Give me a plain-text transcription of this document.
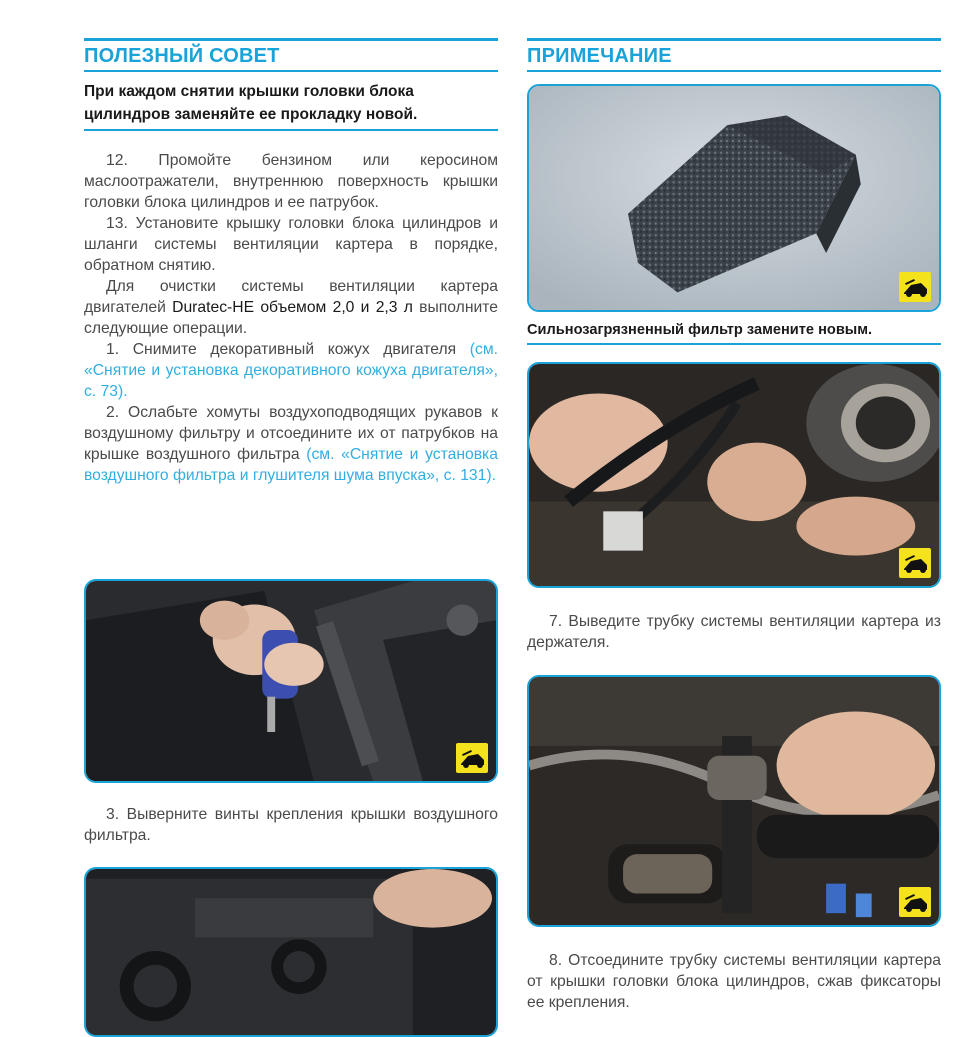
ПОЛЕЗНЫЙ СОВЕТ
При каждом снятии крышки головки блока цилиндров заменяйте ее прокладку новой.

12. Промойте бензином или керосином маслоотражатели, внутреннюю поверхность крышки головки блока цилиндров и ее патрубок.

13. Установите крышку головки блока цилиндров и шланги системы вентиляции картера в порядке, обратном снятию.

Для очистки системы вентиляции картера двигателей Duratec-HE объемом 2,0 и 2,3 л выполните следующие операции.

1. Снимите декоративный кожух двигателя (см. «Снятие и установка декоративного кожуха двигателя», с. 73).

2. Ослабьте хомуты воздухоподводящих рукавов к воздушному фильтру и отсоедините их от патрубков на крышке воздушного фильтра (см. «Снятие и установка воздушного фильтра и глушителя шума впуска», с. 131).

3. Выверните винты крепления крышки воздушного фильтра.

ПРИМЕЧАНИЕ
Сильнозагрязненный фильтр замените новым.

7. Выведите трубку системы вентиляции картера из держателя.

8. Отсоедините трубку системы вентиляции картера от крышки головки блока цилиндров, сжав фиксаторы ее крепления.
